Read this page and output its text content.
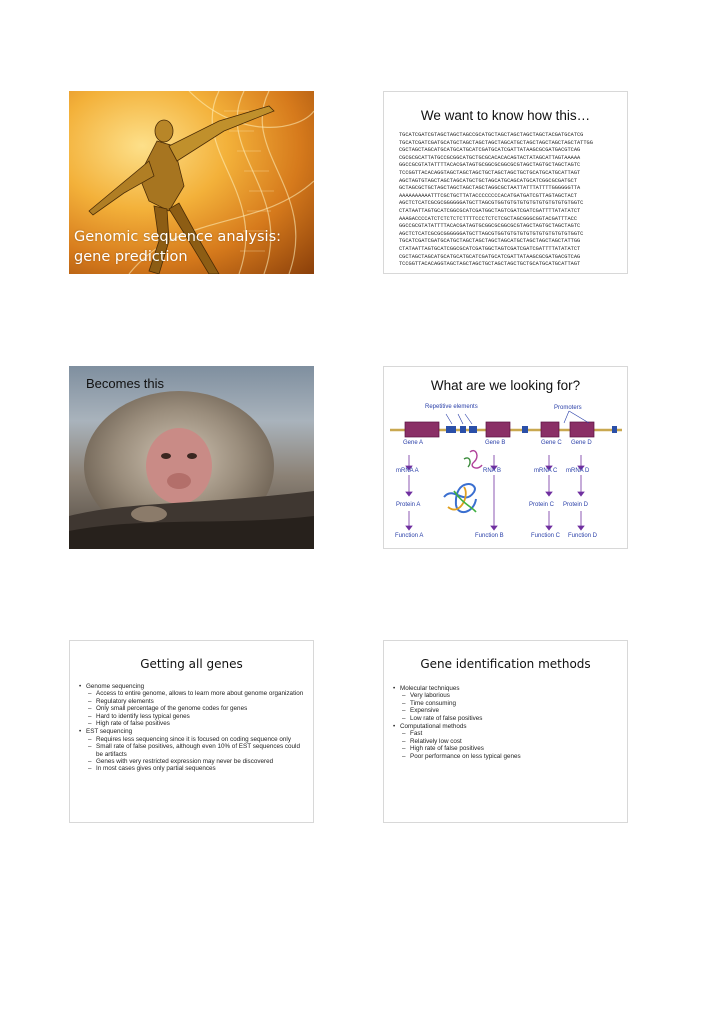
Genomic sequence analysis:
gene prediction
We want to know how this…
TGCATCGATCGTAGCTAGCTAGCCGCATGCTAGCTAGCTAGCTAGCTACGATGCATCG
TGCATCGATCGATGCATGCTAGCTAGCTAGCTAGCATGCTAGCTAGCTAGCTAGCTATTGG
CGCTAGCTAGCATGCATGCATGCATCGATGCATCGATTATAAGCGCGATGACGTCAG
CGCGCGCATTATGCCGCGGCATGCTGCGCACACACAGTACTATAGCATTAGTAAAAA
GGCCGCGTATATTTTACACGATAGTGCGGCGCGGCGCGTAGCTAGTGCTAGCTAGTC
TCCGGTTACACAGGTAGCTAGCTAGCTGCTAGCTAGCTGCTGCATGCATGCATTAGT
AGCTAGTGTAGCTAGCTAGCATGCTGCTAGCATGCAGCATGCATCGGCGCGATGCT
GCTAGCGCTGCTAGCTAGCTAGCTAGCTAGGCGCTAATTATTTATTTTGGGGGGTTA
AAAAAAAAAATTTCGCTGCTTATACCCCCCCCACATGATGATCGTTAGTAGCTACT
AGCTCTCATCGCGCGGGGGGATGCTTAGCGTGGTGTGTGTGTGTGTGTGTGTGTGGTC
CTATAATTAGTGCATCGGCGCATCGATGGCTAGTCGATCGATCGATTTTATATATCT
AAAGACCCCATCTCTCTCTCTTTTCCCTCTCTCGCTAGCGGGCGGTACGATTTACC
GGCCGCGTATATTTTACACGATAGTGCGGCGCGGCGCGTAGCTAGTGCTAGCTAGTC
AGCTCTCATCGCGCGGGGGGATGCTTAGCGTGGTGTGTGTGTGTGTGTGTGTGTGGTC
TGCATCGATCGATGCATGCTAGCTAGCTAGCTAGCATGCTAGCTAGCTAGCTATTGG
CTATAATTAGTGCATCGGCGCATCGATGGCTAGTCGATCGATCGATTTTATATATCT
CGCTAGCTAGCATGCATGCATGCATCGATGCATCGATTATAAGCGCGATGACGTCAG
TCCGGTTACACAGGTAGCTAGCTAGCTGCTAGCTAGCTGCTGCATGCATGCATTAGT
Becomes this	What are we looking for?
Repetitive elements	Promoters
Gene A	Gene B	Gene C Gene D
mRNA A	RNA B	mRNA C mRNA D
Protein A	Protein C Protein D
Function A	Function B	Function C Function D
Getting all genes
• Genome sequencing
– Access to entire genome, allows to learn more about genome organization
– Regulatory elements
– Only small percentage of the genome codes for genes
– Hard to identify less typical genes
– High rate of false positives
• EST sequencing
– Requires less sequencing since it is focused on coding sequence only
– Small rate of false positives, although even 10% of EST sequences could be artifacts
– Genes with very restricted expression may never be discovered
– In most cases gives only partial sequences
Gene identification methods
• Molecular techniques
– Very laborious
– Time consuming
– Expensive
– Low rate of false positives
• Computational methods
– Fast
– Relatively low cost
– High rate of false positives
– Poor performance on less typical genes
